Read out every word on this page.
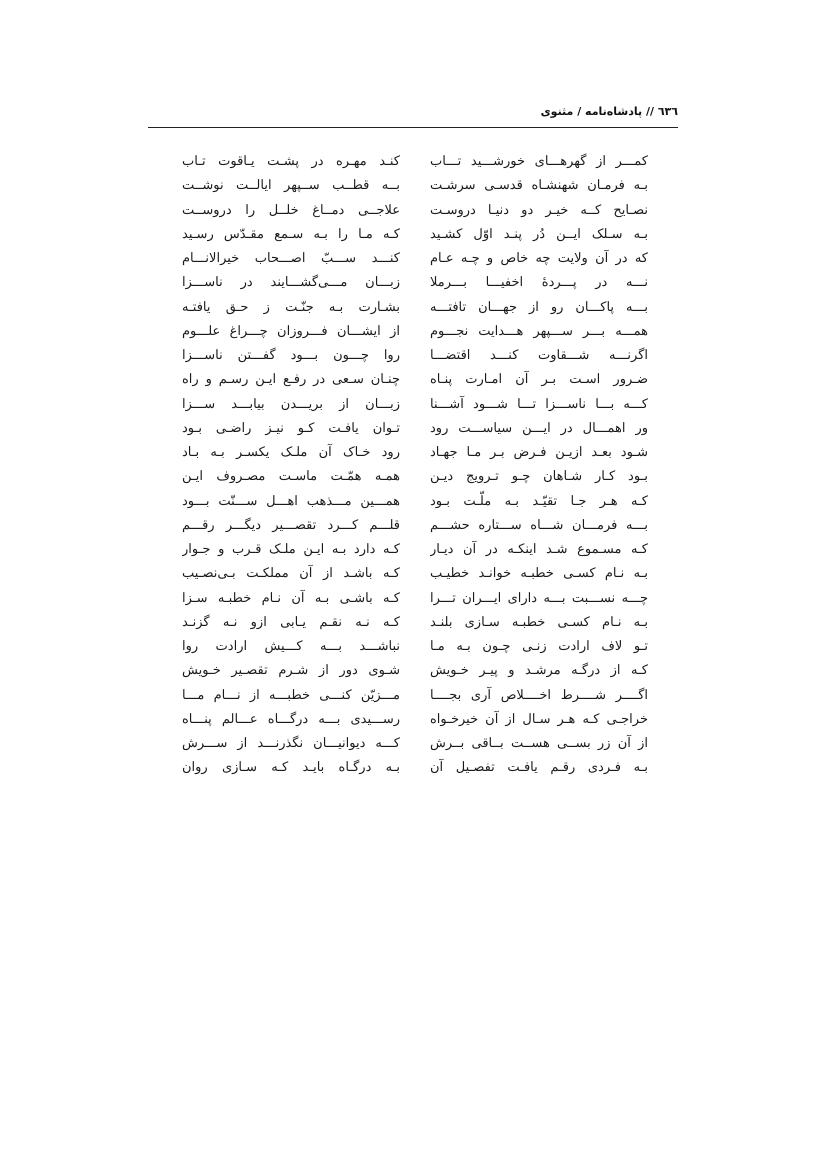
٦٣٦ // پادشاه‌نامه / مثنوی
کمـــر از گهرهـــای خورشـــید تـــاب
بـه فرمـان شهنشـاه قدسـی سرشـت
نصـایح کــه خیـر دو دنیـا دروسـت
بـه سـلک ایــن دُر پنـد اوّل کشـید
که در آن ولایت چه خاص و چـه عـام
نـــه در پـــردهٔ اخفیـــا بـــرملا
بـــه پاکـــان رو از جهـــان تافتـــه
همـــه بـــر ســـپهر هـــدایت نجـــوم
اگرنـــه شـــقاوت کنـــد اقتضـــا
ضـرور اسـت بـر آن امـارت پنـاه
کـــه بـــا ناســـزا تـــا شـــود آشـــنا
ور اهمـــال در ایـــن سیاســـت رود
شـود بعـد ازیـن فـرض بـر مـا جهـاد
بـود کـار شـاهان چـو تـرویج دیـن
کـه هـر جـا تقیّـد بـه ملّـت بـود
بـــه فرمـــان شـــاه ســـتاره حشـــم
کـه مسـموع شـد اینکـه در آن دیـار
بـه نـام کسـی خطبـه خوانـد خطیـب
چـــه نســـبت بـــه دارای ایـــران تـــرا
بـه نـام کسـی خطبـه سـازی بلنـد
تـو لاف ارادت زنـی چـون بـه مـا
کـه از درگـه مرشـد و پیـر خـویش
اگــــر شــــرط اخــــلاص آری بجــــا
خراجـی کـه هـر سـال از آن خیرخـواه
از آن زر بســی هســت بــاقی بــرش
بـه فـردی رقـم یافـت تفصـیل آن
کنـد مهـره در پشـت یـاقوت تـاب
بــه قطــب ســپهر ایالــت نوشــت
علاجــی دمــاغ خلــل را دروســت
کـه مـا را بـه سـمع مقـدّس رسـید
کنـــد ســـبّ اصـــحاب خیرالانـــام
زبـــان مـــی‌گشـــایند در ناســـزا
بشـارت بـه جنّـت ز حـق یافتـه
از ایشـــان فـــروزان چـــراغ علـــوم
روا چـــون بـــود گفـــتن ناســـزا
چنـان سـعی در رفـع ایـن رسـم و راه
زبـــان از بریـــدن بیابـــد ســـزا
تـوان یافـت کـو نیـز راضـی بـود
رود خـاک آن ملـک یکسـر بـه بـاد
همـه همّـت ماسـت مصـروف ایـن
همـــین مـــذهب اهـــل ســـنّت بـــود
قلـــم کـــرد تقصـــیر دیگـــر رقـــم
کـه دارد بـه ایـن ملـک قـرب و جـوار
کـه باشـد از آن مملکـت بـی‌نصـیب
کـه باشـی بـه آن نـام خطبـه سـزا
کـه نـه نقـم یـابی ازو نـه گزنـد
نباشـــد بـــه کـــیش ارادت روا
شـوی دور از شـرم تقصـیر خـویش
مـــزیّن کنـــی خطبـــه از نـــام مـــا
رســـیدی بـــه درگـــاه عـــالم پنـــاه
کـــه دیوانیـــان نگذرنـــد از ســـرش
بـه درگـاه بایـد کـه سـازی روان
